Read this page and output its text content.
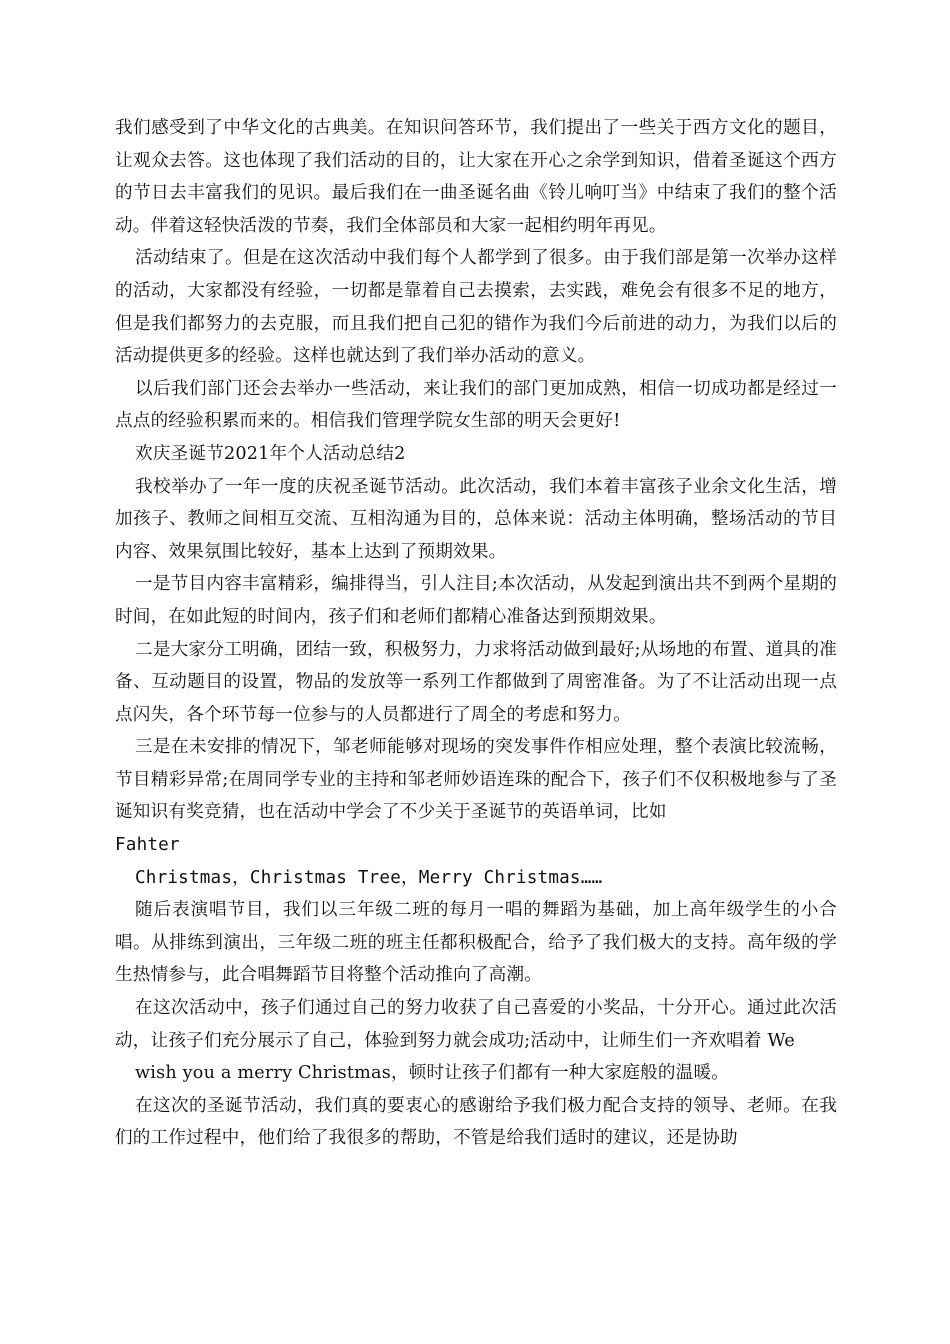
我们感受到了中华文化的古典美。在知识问答环节，我们提出了一些关于西方文化的题目，让观众去答。这也体现了我们活动的目的，让大家在开心之余学到知识，借着圣诞这个西方的节日去丰富我们的见识。最后我们在一曲圣诞名曲《铃儿响叮当》中结束了我们的整个活动。伴着这轻快活泼的节奏，我们全体部员和大家一起相约明年再见。

活动结束了。但是在这次活动中我们每个人都学到了很多。由于我们部是第一次举办这样的活动，大家都没有经验，一切都是靠着自己去摸索，去实践，难免会有很多不足的地方，但是我们都努力的去克服，而且我们把自己犯的错作为我们今后前进的动力，为我们以后的活动提供更多的经验。这样也就达到了我们举办活动的意义。

以后我们部门还会去举办一些活动，来让我们的部门更加成熟，相信一切成功都是经过一点点的经验积累而来的。相信我们管理学院女生部的明天会更好!

欢庆圣诞节2021年个人活动总结2

我校举办了一年一度的庆祝圣诞节活动。此次活动，我们本着丰富孩子业余文化生活，增加孩子、教师之间相互交流、互相沟通为目的，总体来说：活动主体明确，整场活动的节目内容、效果氛围比较好，基本上达到了预期效果。

一是节目内容丰富精彩，编排得当，引人注目;本次活动，从发起到演出共不到两个星期的时间，在如此短的时间内，孩子们和老师们都精心准备达到预期效果。

二是大家分工明确，团结一致，积极努力，力求将活动做到最好;从场地的布置、道具的准备、互动题目的设置，物品的发放等一系列工作都做到了周密准备。为了不让活动出现一点点闪失，各个环节每一位参与的人员都进行了周全的考虑和努力。

三是在未安排的情况下，邹老师能够对现场的突发事件作相应处理，整个表演比较流畅，节目精彩异常;在周同学专业的主持和邹老师妙语连珠的配合下，孩子们不仅积极地参与了圣诞知识有奖竞猜，也在活动中学会了不少关于圣诞节的英语单词，比如

Fahter

Christmas，Christmas Tree，Merry Christmas……

随后表演唱节目，我们以三年级二班的每月一唱的舞蹈为基础，加上高年级学生的小合唱。从排练到演出，三年级二班的班主任都积极配合，给予了我们极大的支持。高年级的学生热情参与，此合唱舞蹈节目将整个活动推向了高潮。

在这次活动中，孩子们通过自己的努力收获了自己喜爱的小奖品，十分开心。通过此次活动，让孩子们充分展示了自己，体验到努力就会成功;活动中，让师生们一齐欢唱着 We

wish you a merry Christmas，顿时让孩子们都有一种大家庭般的温暖。

在这次的圣诞节活动，我们真的要衷心的感谢给予我们极力配合支持的领导、老师。在我们的工作过程中，他们给了我很多的帮助，不管是给我们适时的建议，还是协助
